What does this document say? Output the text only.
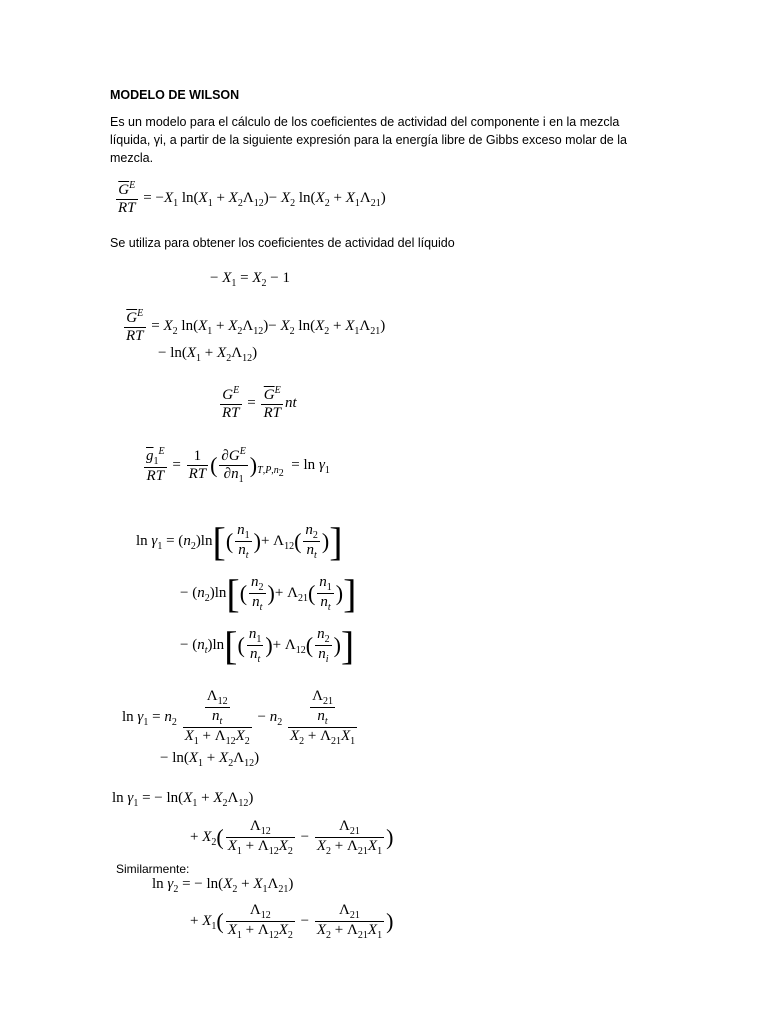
MODELO DE WILSON
Es un modelo para el cálculo de los coeficientes de actividad del componente i en la mezcla líquida, γi, a partir de la siguiente expresión para la energía libre de Gibbs exceso molar de la mezcla.
$\frac{\overline{G}^E}{RT} = -X_1$ $\ln(X_1 + X_2\Lambda_{12})- X_2$ $\ln(X_2 + X_1\Lambda_{21})$
Se utiliza para obtener los coeficientes de actividad del líquido
− $X_1 = X_2 - 1$
$\frac{\overline{G}^E}{RT} = X_2$ $\ln(X_1 + X_2\Lambda_{12})- X_2$ $\ln(X_2 + X_1\Lambda_{21})$
− $\ln(X_1 + X_2\Lambda_{12})$
$\frac{G^E}{RT} = \frac{\overline{G}^E}{RT}$ nt
$\frac{\overline{g}_1^E}{RT} = \frac{1}{RT}$ ( $\frac{\partial G^E}{\partial n_1} )_{T,P,n_2} = \ln \gamma_1$
$\ln \gamma_1 = (n_2)\ln[( \frac{n_1}{n_t}$ )+ $\Lambda_{12}( \frac{n_2}{n_t}$ )]
− $(n_2)\ln[( \frac{n_2}{n_t}$ )+ $\Lambda_{21}( \frac{n_1}{n_t}$ )]
− $(n_t)\ln[( \frac{n_1}{n_t}$ )+ $\Lambda_{12}( \frac{n_2}{n_i}$ )]
$\ln \gamma_1 = n_2 \frac{\frac{\Lambda_{12}}{n_t}}{X_1 + \Lambda_{12}X_2} - n_2 \frac{\frac{\Lambda_{21}}{n_t}}{X_2 + \Lambda_{21}X_1}$
− $\ln(X_1 + X_2\Lambda_{12})$
$\ln \gamma_1$ = − $\ln(X_1 + X_2\Lambda_{12})$
+ $X_2( \frac{\Lambda_{12}}{X_1 + \Lambda_{12}X_2} - \frac{\Lambda_{21}}{X_2 + \Lambda_{21}X_1}$ )
Similarmente:
$\ln \gamma_2$ = − $\ln(X_2 + X_1\Lambda_{21})$
+ $X_1( \frac{\Lambda_{12}}{X_1 + \Lambda_{12}X_2} - \frac{\Lambda_{21}}{X_2 + \Lambda_{21}X_1}$ )
